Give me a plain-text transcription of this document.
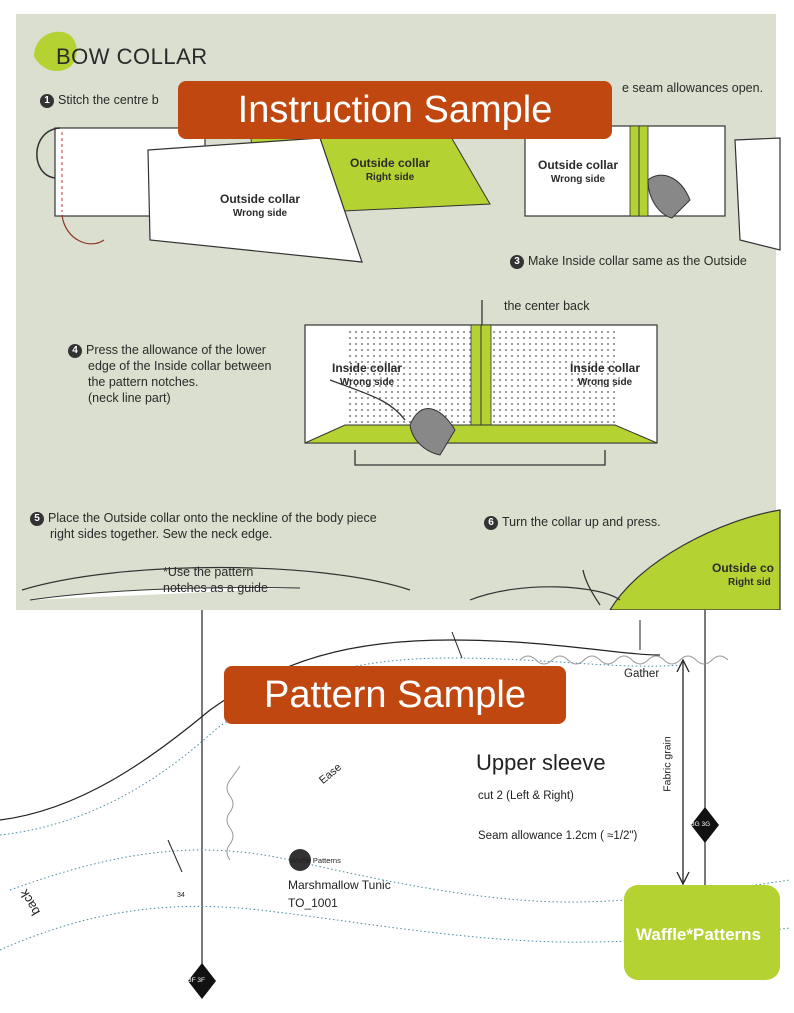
BOW COLLAR
1 Stitch the centre b
e seam allowances open.
3 Make Inside collar same as the Outside
4 Press the allowance of the lower
edge of the Inside collar between
the pattern notches.
(neck line part)
5 Place the Outside collar onto the neckline of the body piece
right sides together. Sew the neck edge.
6 Turn the collar up and press.
Outside collar
Right side
Outside collar
Wrong side
Outside collar
Wrong side
the center back
Inside collar
Wrong side
Inside collar
Wrong side
*Use the pattern
notches as a guide
Outside co
Right sid
Instruction Sample
Waffle*Patterns
Upper sleeve
cut 2 (Left & Right)
Seam allowance 1.2cm ( ≈1/2")
Gather
Ease	Fabric grain
back	34
3G 3G
3F 3F
Waffle Patterns
Marshmallow Tunic
TO_1001
Pattern Sample
